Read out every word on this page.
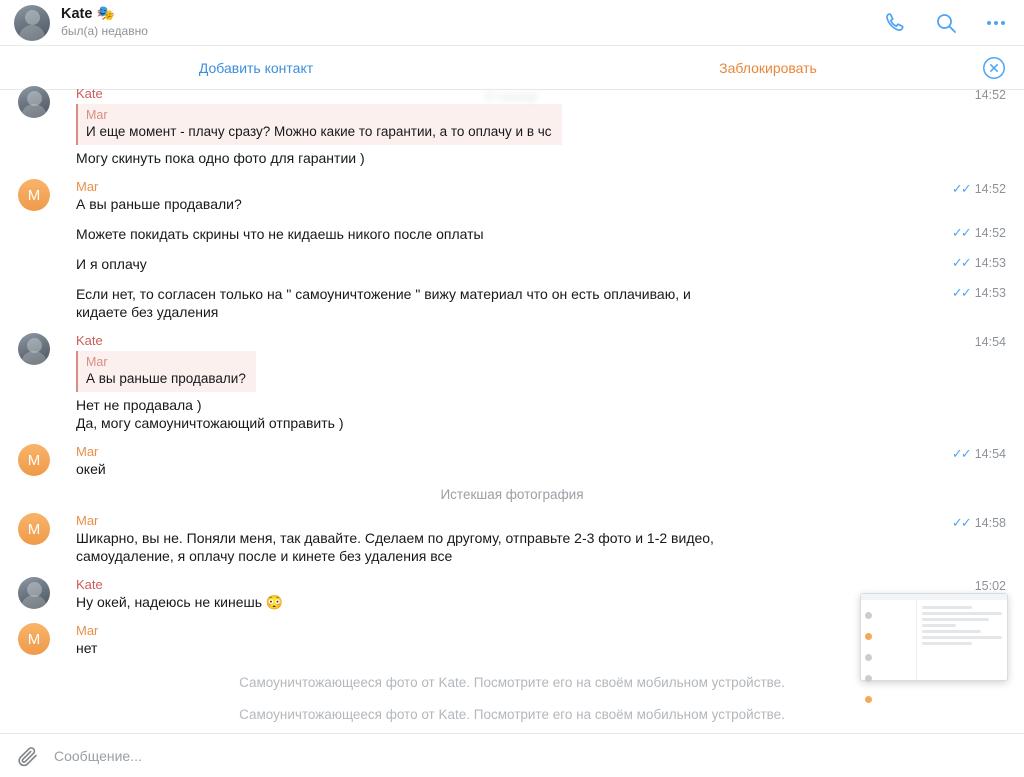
Kate 🎭
был(а) недавно
Добавить контакт	Заблокировать
Kate
Mar
И еще момент - плачу сразу? Можно какие то гарантии, а то оплачу и в чс
Могу скинуть пока одно фото для гарантии )
14:52
Стикер
M	Mar
А вы раньше продавали?
✓✓ 14:52
Можете покидать скрины что не кидаешь никого после оплаты	✓✓ 14:52
И я оплачу	✓✓ 14:53
Если нет, то согласен только на " самоуничтожение " вижу материал что он есть оплачиваю, и
кидаете без удаления
✓✓ 14:53
Kate
Mar
А вы раньше продавали?
Нет не продавала )
Да, могу самоуничтожающий отправить )
14:54
M	Mar
окей
✓✓ 14:54
Истекшая фотография
M	Mar
Шикарно, вы не. Поняли меня, так давайте. Сделаем по другому, отправьте 2-3 фото и 1-2 видео,
самоудаление, я оплачу после и кинете без удаления все
✓✓ 14:58
Kate
Ну окей, надеюсь не кинешь 😳
15:02
M	Mar
нет
Самоуничтожающееся фото от Kate. Посмотрите его на своём мобильном устройстве.
Самоуничтожающееся фото от Kate. Посмотрите его на своём мобильном устройстве.
Сообщение...
